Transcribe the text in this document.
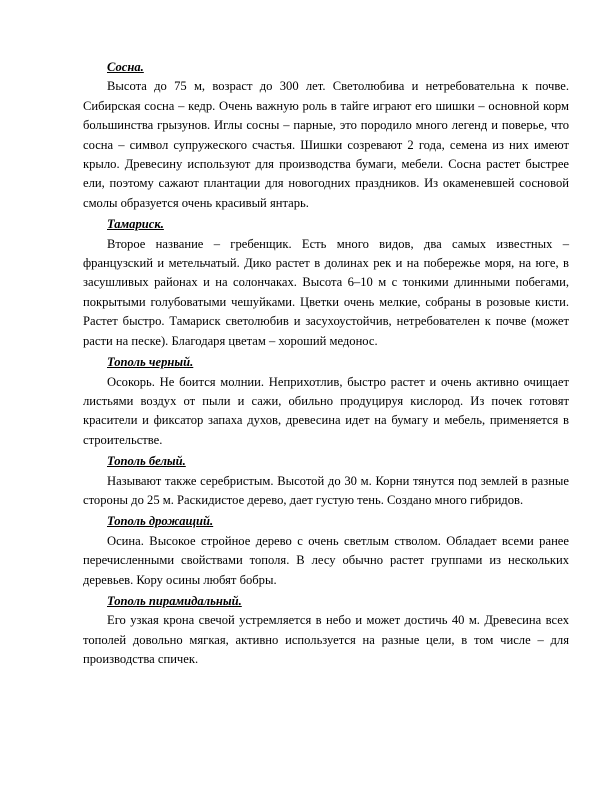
Сосна.

Высота до 75 м, возраст до 300 лет. Светолюбива и нетребовательна к почве. Сибирская сосна – кедр. Очень важную роль в тайге играют его шишки – основной корм большинства грызунов. Иглы сосны – парные, это породило много легенд и поверье, что сосна – символ супружеского счастья. Шишки созревают 2 года, семена из них имеют крыло. Древесину используют для производства бумаги, мебели. Сосна растет быстрее ели, поэтому сажают плантации для новогодних праздников. Из окаменевшей сосновой смолы образуется очень красивый янтарь.

Тамариск.

Второе название – гребенщик. Есть много видов, два самых известных – французский и метельчатый. Дико растет в долинах рек и на побережье моря, на юге, в засушливых районах и на солончаках. Высота 6–10 м с тонкими длинными побегами, покрытыми голубоватыми чешуйками. Цветки очень мелкие, собраны в розовые кисти. Растет быстро. Тамариск светолюбив и засухоустойчив, нетребователен к почве (может расти на песке). Благодаря цветам – хороший медонос.

Тополь черный.

Осокорь. Не боится молнии. Неприхотлив, быстро растет и очень активно очищает листьями воздух от пыли и сажи, обильно продуцируя кислород. Из почек готовят красители и фиксатор запаха духов, древесина идет на бумагу и мебель, применяется в строительстве.

Тополь белый.

Называют также серебристым. Высотой до 30 м. Корни тянутся под землей в разные стороны до 25 м. Раскидистое дерево, дает густую тень. Создано много гибридов.

Тополь дрожащий.

Осина. Высокое стройное дерево с очень светлым стволом. Обладает всеми ранее перечисленными свойствами тополя. В лесу обычно растет группами из нескольких деревьев. Кору осины любят бобры.

Тополь пирамидальный.

Его узкая крона свечой устремляется в небо и может достичь 40 м. Древесина всех тополей довольно мягкая, активно используется на разные цели, в том числе – для производства спичек.
